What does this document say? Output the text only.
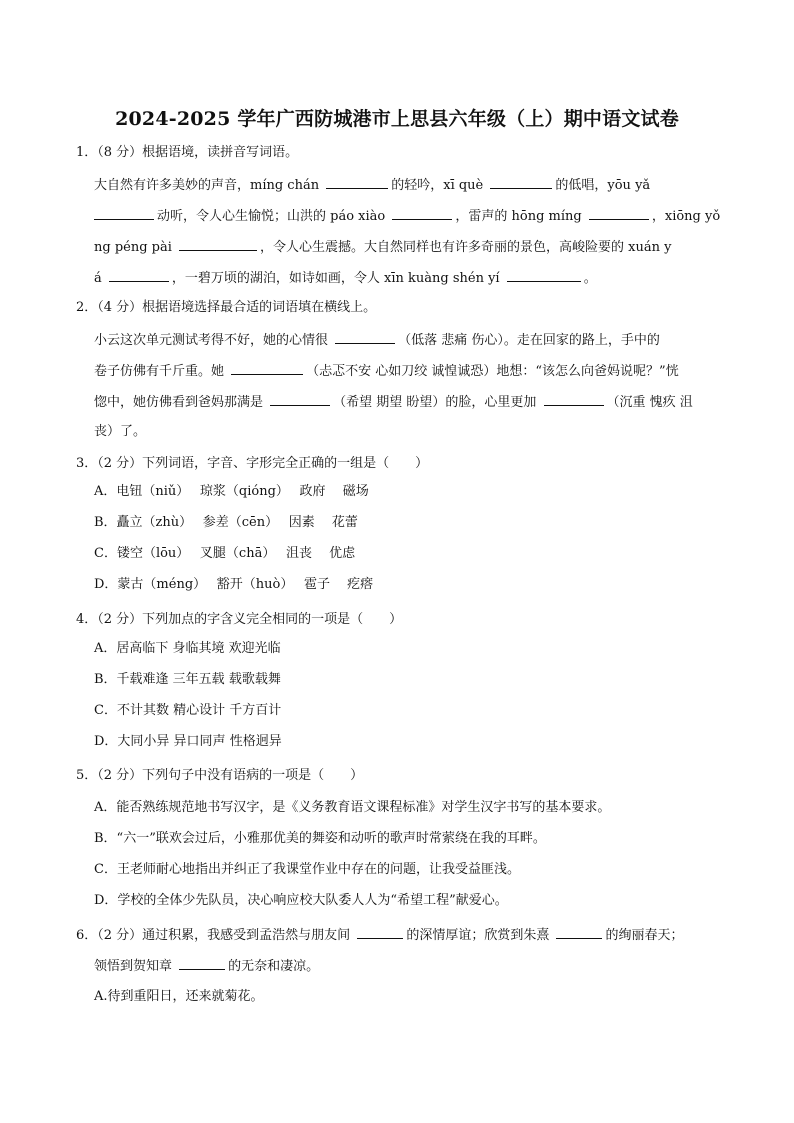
2024-2025 学年广西防城港市上思县六年级（上）期中语文试卷
1．（8 分）根据语境，读拼音写词语。
大自然有许多美妙的声音，míng chán	的轻吟，xī què	的低唱，yōu yǎ
动听，令人心生愉悦；山洪的 páo xiào	，雷声的 hōng míng	，xiōng yǒ
ng péng pài	，令人心生震撼。大自然同样也有许多奇丽的景色，高峻险要的 xuán y
á	，一碧万顷的湖泊，如诗如画，令人 xīn kuàng shén yí	。
2．（4 分）根据语境选择最合适的词语填在横线上。
小云这次单元测试考得不好，她的心情很	（低落 悲痛 伤心）。走在回家的路上，手中的
卷子仿佛有千斤重。她	（忐忑不安 心如刀绞 诚惶诚恐）地想：“该怎么向爸妈说呢？”恍
惚中，她仿佛看到爸妈那满是	（希望 期望 盼望）的脸，心里更加	（沉重 愧疚 沮
丧）了。
3．（2 分）下列词语，字音、字形完全正确的一组是（　　）
A．电钮（niǔ）　 琼浆（qióng）　 政府　 磁场
B．矗立（zhù）　 参差（cēn）　 因素　 花蕾
C．镂空（lōu）　 叉腿（chā）　 沮丧　 优虑
D．蒙古（méng）　 豁开（huò）　 雹子　 疙瘩
4．（2 分）下列加点的字含义完全相同的一项是（　　）
A．居高临下 身临其境 欢迎光临
B．千载难逢 三年五载 载歌载舞
C．不计其数 精心设计 千方百计
D．大同小异 异口同声 性格迥异
5．（2 分）下列句子中没有语病的一项是（　　）
A．能否熟练规范地书写汉字，是《义务教育语文课程标准》对学生汉字书写的基本要求。
B．“六一”联欢会过后，小雅那优美的舞姿和动听的歌声时常萦绕在我的耳畔。
C．王老师耐心地指出并纠正了我课堂作业中存在的问题，让我受益匪浅。
D．学校的全体少先队员，决心响应校大队委人人为“希望工程”献爱心。
6．（2 分）通过积累，我感受到孟浩然与朋友间	的深情厚谊；欣赏到朱熹	的绚丽春天；
领悟到贺知章	的无奈和凄凉。
A.待到重阳日，还来就菊花。
